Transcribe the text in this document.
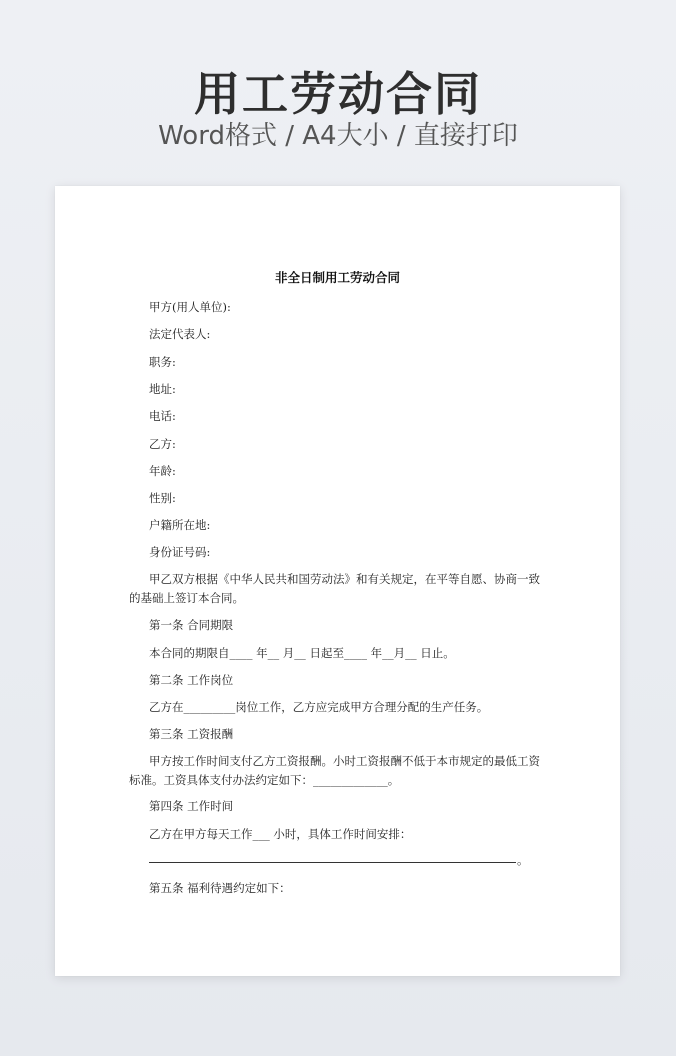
用工劳动合同
Word格式 / A4大小 / 直接打印
非全日制用工劳动合同
甲方(用人单位):
法定代表人:
职务:
地址:
电话:
乙方:
年龄:
性别:
户籍所在地:
身份证号码:
甲乙双方根据《中华人民共和国劳动法》和有关规定，在平等自愿、协商一致的基础上签订本合同。
第一条 合同期限
本合同的期限自____ 年__ 月__ 日起至____ 年__月__ 日止。
第二条 工作岗位
乙方在_________岗位工作，乙方应完成甲方合理分配的生产任务。
第三条 工资报酬
甲方按工作时间支付乙方工资报酬。小时工资报酬不低于本市规定的最低工资标准。工资具体支付办法约定如下：_____________。
第四条 工作时间
乙方在甲方每天工作___ 小时，具体工作时间安排：
。
第五条 福利待遇约定如下：
